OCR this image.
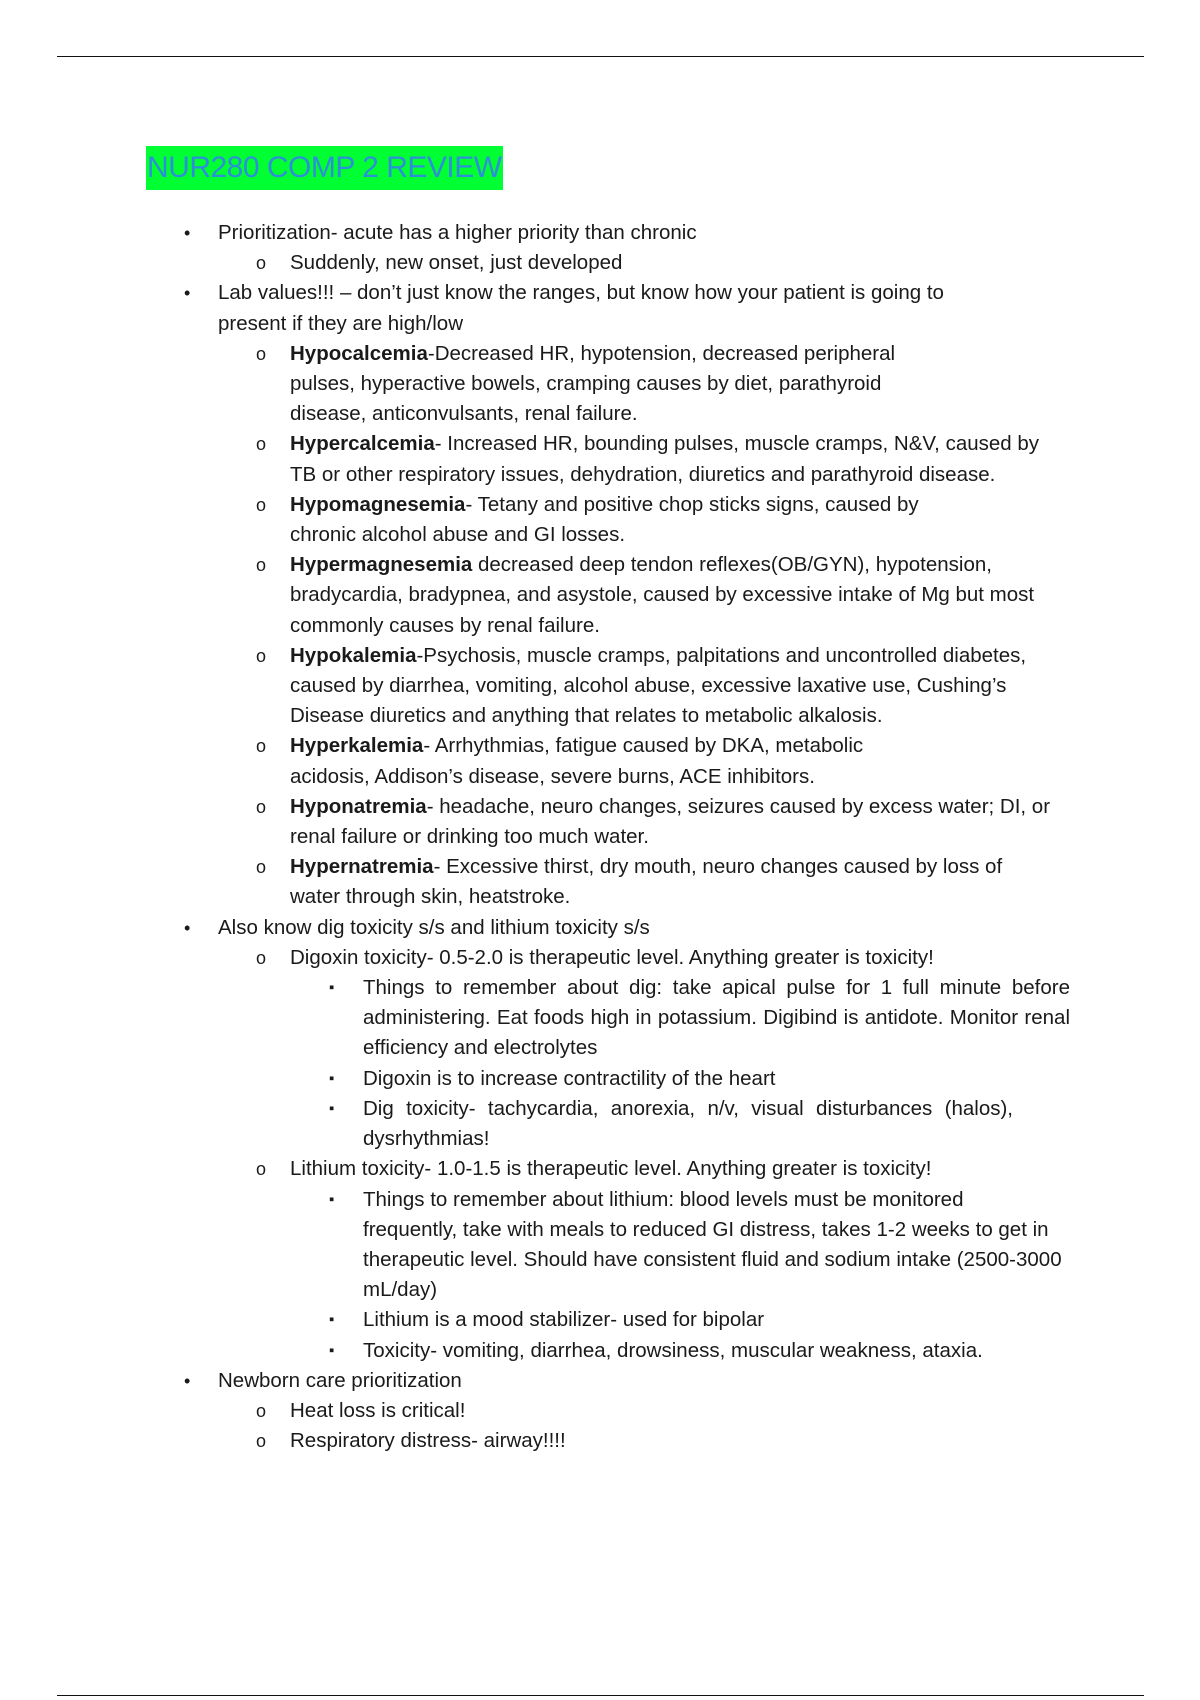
NUR280 COMP 2 REVIEW
• Prioritization- acute has a higher priority than chronic
o Suddenly, new onset, just developed
• Lab values!!! – don’t just know the ranges, but know how your patient is going to present if they are high/low
o Hypocalcemia-Decreased HR, hypotension, decreased peripheral pulses, hyperactive bowels, cramping causes by diet, parathyroid disease, anticonvulsants, renal failure.
o Hypercalcemia- Increased HR, bounding pulses, muscle cramps, N&V, caused by TB or other respiratory issues, dehydration, diuretics and parathyroid disease.
o Hypomagnesemia- Tetany and positive chop sticks signs, caused by chronic alcohol abuse and GI losses.
o Hypermagnesemia decreased deep tendon reflexes(OB/GYN), hypotension, bradycardia, bradypnea, and asystole, caused by excessive intake of Mg but most commonly causes by renal failure.
o Hypokalemia-Psychosis, muscle cramps, palpitations and uncontrolled diabetes, caused by diarrhea, vomiting, alcohol abuse, excessive laxative use, Cushing’s Disease diuretics and anything that relates to metabolic alkalosis.
o Hyperkalemia- Arrhythmias, fatigue caused by DKA, metabolic acidosis, Addison’s disease, severe burns, ACE inhibitors.
o Hyponatremia- headache, neuro changes, seizures caused by excess water; DI, or renal failure or drinking too much water.
o Hypernatremia- Excessive thirst, dry mouth, neuro changes caused by loss of water through skin, heatstroke.
• Also know dig toxicity s/s and lithium toxicity s/s
o Digoxin toxicity- 0.5-2.0 is therapeutic level. Anything greater is toxicity!
▪ Things to remember about dig: take apical pulse for 1 full minute before administering. Eat foods high in potassium. Digibind is antidote. Monitor renal efficiency and electrolytes
▪ Digoxin is to increase contractility of the heart
▪ Dig toxicity- tachycardia, anorexia, n/v, visual disturbances (halos), dysrhythmias!
o Lithium toxicity- 1.0-1.5 is therapeutic level. Anything greater is toxicity!
▪ Things to remember about lithium: blood levels must be monitored frequently, take with meals to reduced GI distress, takes 1-2 weeks to get in therapeutic level. Should have consistent fluid and sodium intake (2500-3000 mL/day)
▪ Lithium is a mood stabilizer- used for bipolar
▪ Toxicity- vomiting, diarrhea, drowsiness, muscular weakness, ataxia.
• Newborn care prioritization
o Heat loss is critical!
o Respiratory distress- airway!!!!
